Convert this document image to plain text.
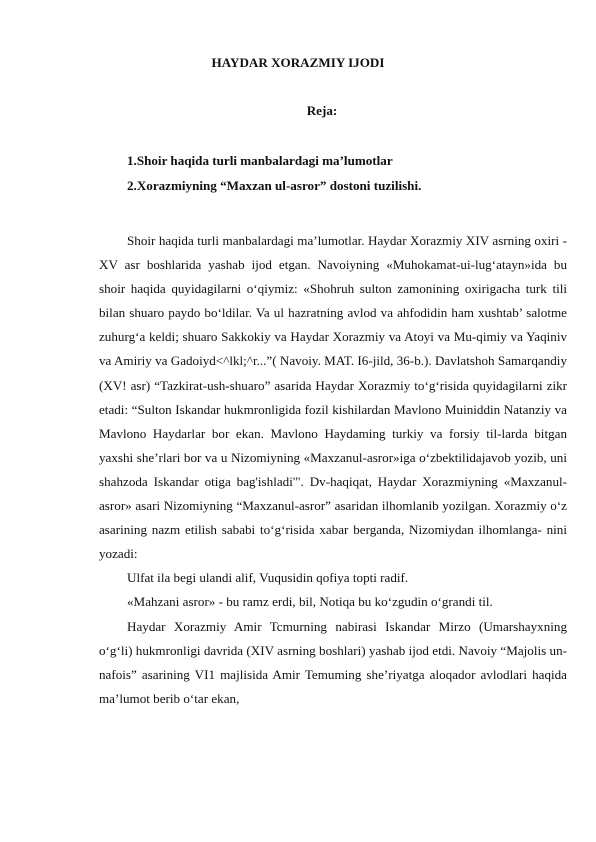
HAYDAR XORAZMIY IJODI
Reja:
1.Shoir haqida turli manbalardagi ma’lumotlar
2.Xorazmiyning “Maxzan ul-asror” dostoni tuzilishi.

Shoir haqida turli manbalardagi ma’lumotlar. Haydar Xorazmiy XIV asrning oxiri -XV asr boshlarida yashab ijod etgan. Navoiyning «Muhokamat-ui-lug‘atayn»ida bu shoir haqida quyidagilarni o‘qiymiz: «Shohruh sulton zamonining oxirigacha turk tili bilan shuaro paydo bo‘ldilar. Va ul hazratning avlod va ahfodidin ham xushtab’ salotme zuhurg‘a keldi; shuaro Sakkokiy va Haydar Xorazmiy va Atoyi va Mu-qimiy va Yaqiniv va Amiriy va Gadoiyd<^lkl;^r...”( Navoiy. MAT. I6-jild, 36-b.). Davlatshoh Samarqandiy (XV! asr) “Tazkirat-ush-shuaro” asarida Haydar Xorazmiy to‘g‘risida quyidagilarni zikr etadi: “Sulton Iskandar hukmronligida fozil kishilardan Mavlono Muiniddin Natanziy va Mavlono Haydarlar bor ekan. Mavlono Haydaming turkiy va forsiy til-larda bitgan yaxshi she’rlari bor va u Nizomiyning «Maxzanul-asror»iga o‘zbektilidajavob yozib, uni shahzoda Iskandar otiga bag'ishladi'". Dv-haqiqat, Haydar Xorazmiyning «Maxzanul-asror» asari Nizomiyning “Maxzanul-asror” asaridan ilhomlanib yozilgan. Xorazmiy o‘z asarining nazm etilish sababi to‘g‘risida xabar berganda, Nizomiydan ilhomlanga- nini yozadi:

Ulfat ila begi ulandi alif, Vuqusidin qofiya topti radif.

«Mahzani asror» - bu ramz erdi, bil, Notiqa bu ko‘zgudin o‘grandi til.

Haydar Xorazmiy Amir Tcmurning nabirasi Iskandar Mirzo (Umarshayxning o‘g‘li) hukmronligi davrida (XIV asrning boshlari) yashab ijod etdi. Navoiy “Majolis un-nafois” asarining VI1 majlisida Amir Temuming she’riyatga aloqador avlodlari haqida ma’lumot berib o‘tar ekan,
